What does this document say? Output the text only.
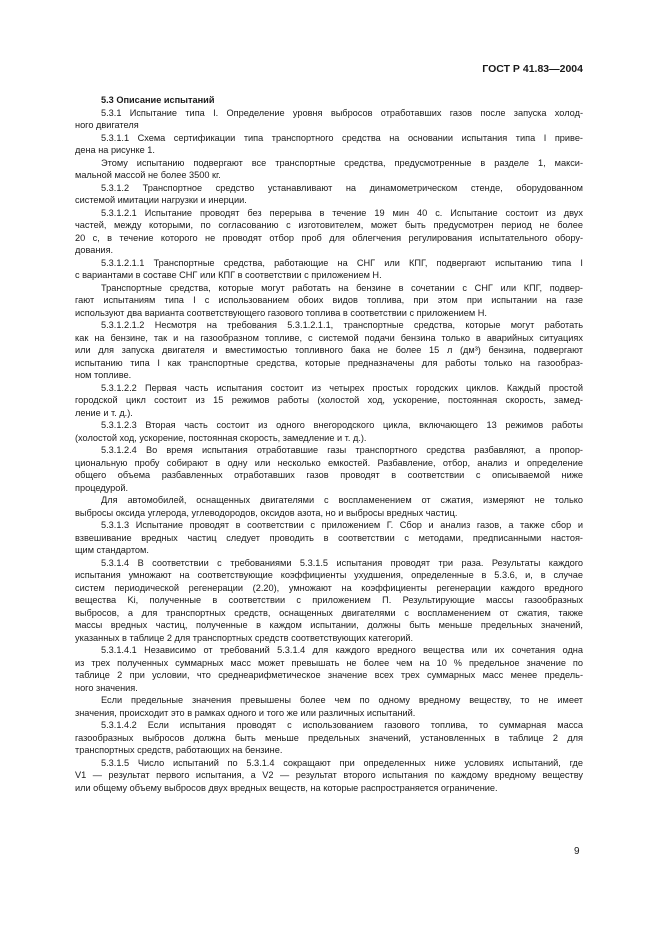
ГОСТ Р 41.83—2004
5.3 Описание испытаний
5.3.1 Испытание типа I. Определение уровня выбросов отработавших газов после запуска холод-
ного двигателя
5.3.1.1 Схема сертификации типа транспортного средства на основании испытания типа I приве-
дена на рисунке 1.
Этому испытанию подвергают все транспортные средства, предусмотренные в разделе 1, макси-
мальной массой не более 3500 кг.
5.3.1.2 Транспортное средство устанавливают на динамометрическом стенде, оборудованном
системой имитации нагрузки и инерции.
5.3.1.2.1 Испытание проводят без перерыва в течение 19 мин 40 с. Испытание состоит из двух
частей, между которыми, по согласованию с изготовителем, может быть предусмотрен период не более
20 с, в течение которого не проводят отбор проб для облегчения регулирования испытательного обору-
дования.
5.3.1.2.1.1 Транспортные средства, работающие на СНГ или КПГ, подвергают испытанию типа I
с вариантами в составе СНГ или КПГ в соответствии с приложением Н.
Транспортные средства, которые могут работать на бензине в сочетании с СНГ или КПГ, подвер-
гают испытаниям типа I с использованием обоих видов топлива, при этом при испытании на газе
используют два варианта соответствующего газового топлива в соответствии с приложением Н.
5.3.1.2.1.2 Несмотря на требования 5.3.1.2.1.1, транспортные средства, которые могут работать
как на бензине, так и на газообразном топливе, с системой подачи бензина только в аварийных ситуациях
или для запуска двигателя и вместимостью топливного бака не более 15 л (дм³) бензина, подвергают
испытанию типа I как транспортные средства, которые предназначены для работы только на газообраз-
ном топливе.
5.3.1.2.2 Первая часть испытания состоит из четырех простых городских циклов. Каждый простой
городской цикл состоит из 15 режимов работы (холостой ход, ускорение, постоянная скорость, замед-
ление и т. д.).
5.3.1.2.3 Вторая часть состоит из одного внегородского цикла, включающего 13 режимов работы
(холостой ход, ускорение, постоянная скорость, замедление и т. д.).
5.3.1.2.4 Во время испытания отработавшие газы транспортного средства разбавляют, а пропор-
циональную пробу собирают в одну или несколько емкостей. Разбавление, отбор, анализ и определение
общего объема разбавленных отработавших газов проводят в соответствии с описываемой ниже
процедурой.
Для автомобилей, оснащенных двигателями с воспламенением от сжатия, измеряют не только
выбросы оксида углерода, углеводородов, оксидов азота, но и выбросы вредных частиц.
5.3.1.3 Испытание проводят в соответствии с приложением Г. Сбор и анализ газов, а также сбор и
взвешивание вредных частиц следует проводить в соответствии с методами, предписанными настоя-
щим стандартом.
5.3.1.4 В соответствии с требованиями 5.3.1.5 испытания проводят три раза. Результаты каждого
испытания умножают на соответствующие коэффициенты ухудшения, определенные в 5.3.6, и, в случае
систем периодической регенерации (2.20), умножают на коэффициенты регенерации каждого вредного
вещества Ki, полученные в соответствии с приложением П. Результирующие массы газообразных
выбросов, а для транспортных средств, оснащенных двигателями с воспламенением от сжатия, также
массы вредных частиц, полученные в каждом испытании, должны быть меньше предельных значений,
указанных в таблице 2 для транспортных средств соответствующих категорий.
5.3.1.4.1 Независимо от требований 5.3.1.4 для каждого вредного вещества или их сочетания одна
из трех полученных суммарных масс может превышать не более чем на 10 % предельное значение по
таблице 2 при условии, что среднеарифметическое значение всех трех суммарных масс менее предель-
ного значения.
Если предельные значения превышены более чем по одному вредному веществу, то не имеет
значения, происходит это в рамках одного и того же или различных испытаний.
5.3.1.4.2 Если испытания проводят с использованием газового топлива, то суммарная масса
газообразных выбросов должна быть меньше предельных значений, установленных в таблице 2 для
транспортных средств, работающих на бензине.
5.3.1.5 Число испытаний по 5.3.1.4 сокращают при определенных ниже условиях испытаний, где
V1 — результат первого испытания, а V2 — результат второго испытания по каждому вредному веществу
или общему объему выбросов двух вредных веществ, на которые распространяется ограничение.
9
